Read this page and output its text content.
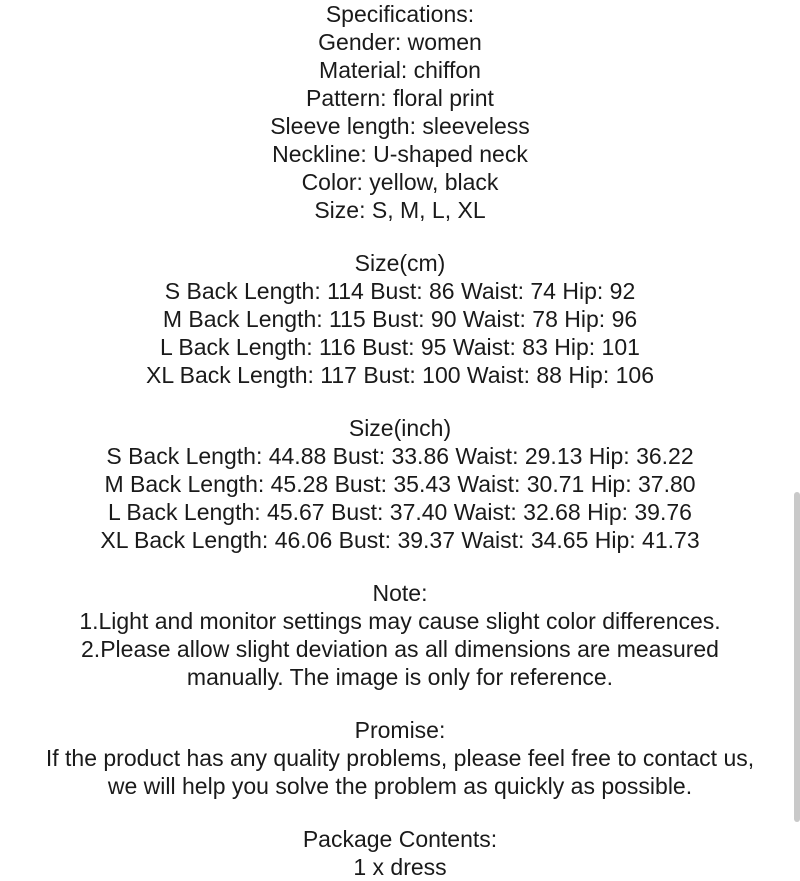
Specifications:
Gender: women
Material: chiffon
Pattern: floral print
Sleeve length: sleeveless
Neckline: U-shaped neck
Color: yellow, black
Size: S, M, L, XL
Size(cm)
S Back Length: 114 Bust: 86 Waist: 74 Hip: 92
M Back Length: 115 Bust: 90 Waist: 78 Hip: 96
L Back Length: 116 Bust: 95 Waist: 83 Hip: 101
XL Back Length: 117 Bust: 100 Waist: 88 Hip: 106
Size(inch)
S Back Length: 44.88 Bust: 33.86 Waist: 29.13 Hip: 36.22
M Back Length: 45.28 Bust: 35.43 Waist: 30.71 Hip: 37.80
L Back Length: 45.67 Bust: 37.40 Waist: 32.68 Hip: 39.76
XL Back Length: 46.06 Bust: 39.37 Waist: 34.65 Hip: 41.73
Note:
1.Light and monitor settings may cause slight color differences.
2.Please allow slight deviation as all dimensions are measured
manually. The image is only for reference.
Promise:
If the product has any quality problems, please feel free to contact us,
we will help you solve the problem as quickly as possible.
Package Contents:
1 x dress
